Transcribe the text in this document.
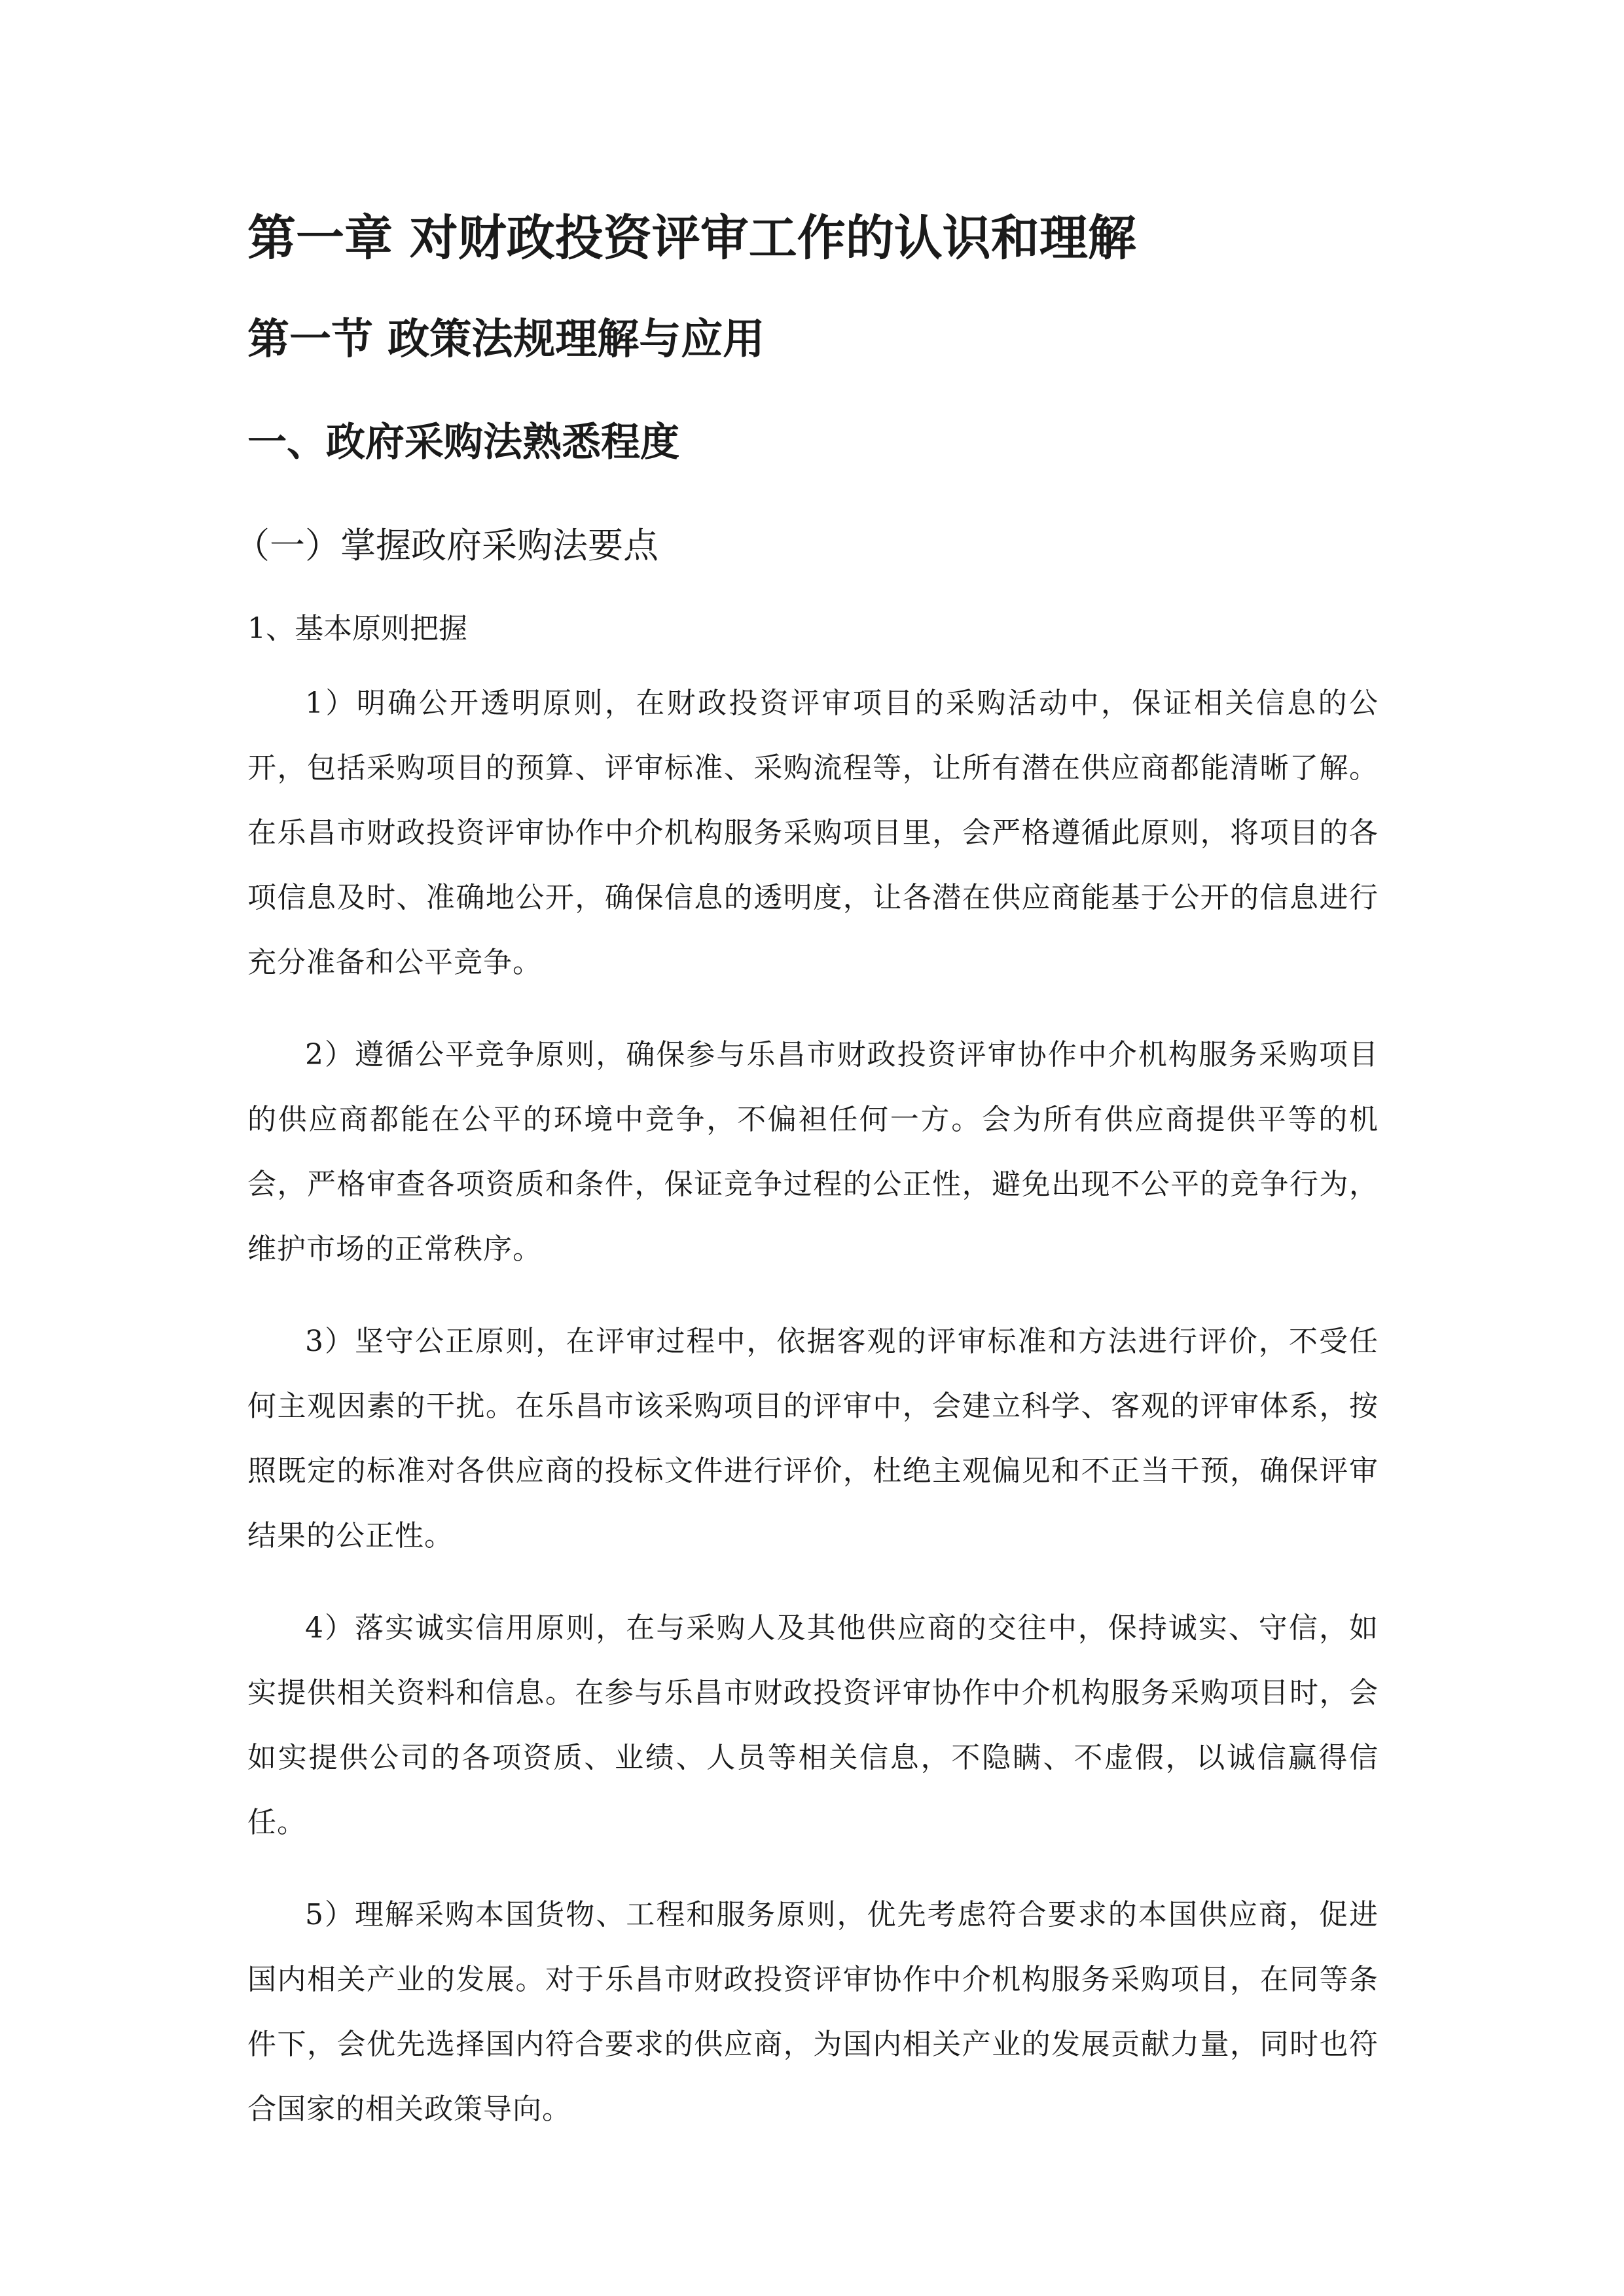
第一章 对财政投资评审工作的认识和理解
第一节 政策法规理解与应用
一、政府采购法熟悉程度
（一）掌握政府采购法要点
1、基本原则把握

1）明确公开透明原则，在财政投资评审项目的采购活动中，保证相关信息的公开，包括采购项目的预算、评审标准、采购流程等，让所有潜在供应商都能清晰了解。在乐昌市财政投资评审协作中介机构服务采购项目里，会严格遵循此原则，将项目的各项信息及时、准确地公开，确保信息的透明度，让各潜在供应商能基于公开的信息进行充分准备和公平竞争。

2）遵循公平竞争原则，确保参与乐昌市财政投资评审协作中介机构服务采购项目的供应商都能在公平的环境中竞争，不偏袒任何一方。会为所有供应商提供平等的机会，严格审查各项资质和条件，保证竞争过程的公正性，避免出现不公平的竞争行为，维护市场的正常秩序。

3）坚守公正原则，在评审过程中，依据客观的评审标准和方法进行评价，不受任何主观因素的干扰。在乐昌市该采购项目的评审中，会建立科学、客观的评审体系，按照既定的标准对各供应商的投标文件进行评价，杜绝主观偏见和不正当干预，确保评审结果的公正性。

4）落实诚实信用原则，在与采购人及其他供应商的交往中，保持诚实、守信，如实提供相关资料和信息。在参与乐昌市财政投资评审协作中介机构服务采购项目时，会如实提供公司的各项资质、业绩、人员等相关信息，不隐瞒、不虚假，以诚信赢得信任。

5）理解采购本国货物、工程和服务原则，优先考虑符合要求的本国供应商，促进国内相关产业的发展。对于乐昌市财政投资评审协作中介机构服务采购项目，在同等条件下，会优先选择国内符合要求的供应商，为国内相关产业的发展贡献力量，同时也符合国家的相关政策导向。
